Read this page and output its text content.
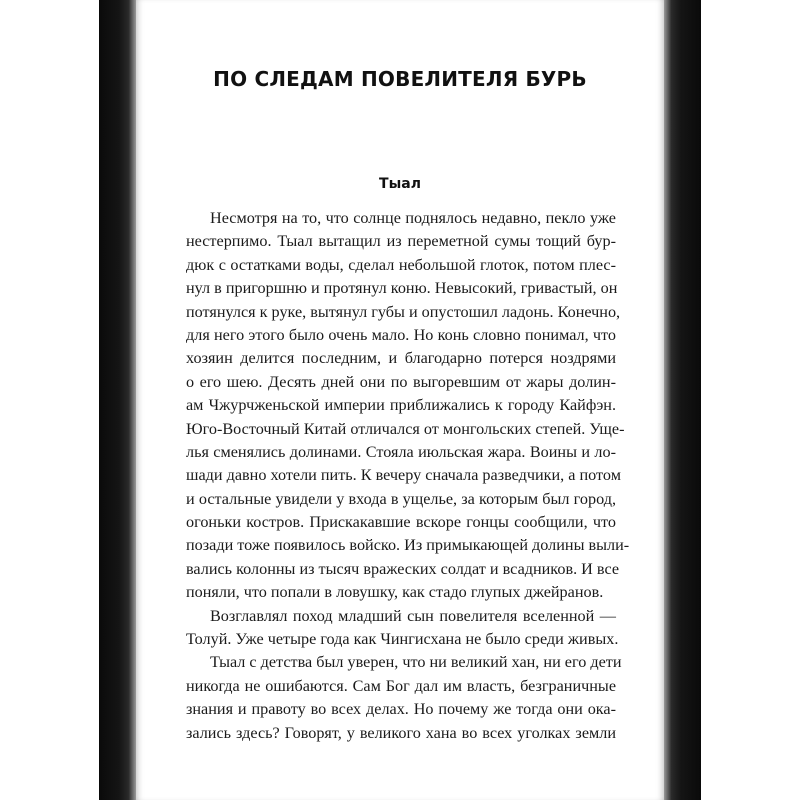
ПО СЛЕДАМ ПОВЕЛИТЕЛЯ БУРЬ
Тыал
Несмотря на то, что солнце поднялось недавно, пекло уже
нестерпимо. Тыал вытащил из переметной сумы тощий бур-
дюк с остатками воды, сделал небольшой глоток, потом плес-
нул в пригоршню и протянул коню. Невысокий, гривастый, он
потянулся к руке, вытянул губы и опустошил ладонь. Конечно,
для него этого было очень мало. Но конь словно понимал, что
хозяин делится последним, и благодарно потерся ноздрями
о его шею. Десять дней они по выгоревшим от жары долин-
ам Чжурчженьской империи приближались к городу Кайфэн.
Юго-Восточный Китай отличался от монгольских степей. Уще-
лья сменялись долинами. Стояла июльская жара. Воины и ло-
шади давно хотели пить. К вечеру сначала разведчики, а потом
и остальные увидели у входа в ущелье, за которым был город,
огоньки костров. Прискакавшие вскоре гонцы сообщили, что
позади тоже появилось войско. Из примыкающей долины выли-
вались колонны из тысяч вражеских солдат и всадников. И все
поняли, что попали в ловушку, как стадо глупых джейранов.
Возглавлял поход младший сын повелителя вселенной —
Толуй. Уже четыре года как Чингисхана не было среди живых.
Тыал с детства был уверен, что ни великий хан, ни его дети
никогда не ошибаются. Сам Бог дал им власть, безграничные
знания и правоту во всех делах. Но почему же тогда они ока-
зались здесь? Говорят, у великого хана во всех уголках земли
